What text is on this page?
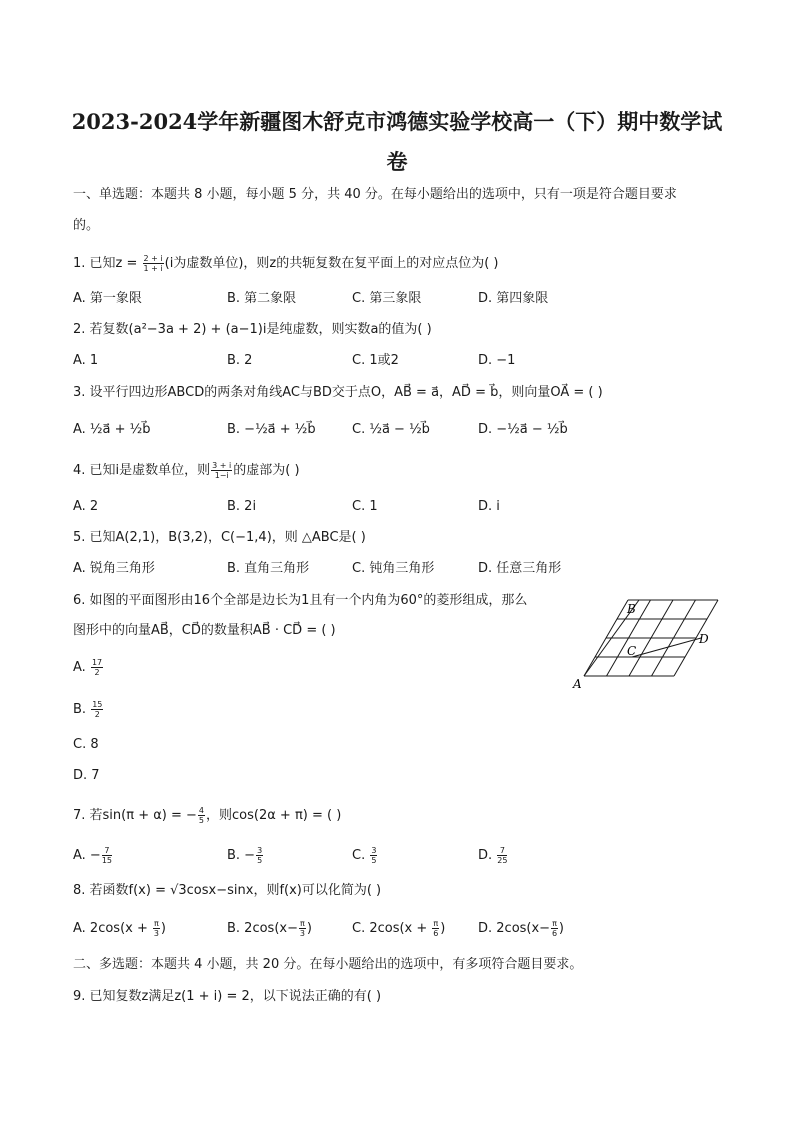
2023-2024学年新疆图木舒克市鸿德实验学校高一（下）期中数学试
卷
一、单选题：本题共 8 小题，每小题 5 分，共 40 分。在每小题给出的选项中，只有一项是符合题目要求
的。
1. 已知$z = \frac{2 + i}{1 + i} (i$为虚数单位)，则z的共轭复数在复平面上的对应点位为( )
A. 第一象限	B. 第二象限	C. 第三象限	D. 第四象限
2. 若复数(a²−3a + 2) + (a−1)i是纯虚数，则实数a的值为( )
A. 1	B. 2	C. 1或2	D. −1
3. 设平行四边形ABCD的两条对角线AC与BD交于点O，AB⃗ = a⃗，AD⃗ = b⃗，则向量OA⃗ = ( )
A. ½a⃗ + ½b⃗	B. −½a⃗ + ½b⃗	C. ½a⃗ − ½b⃗	D. −½a⃗ − ½b⃗
4. 已知i是虚数单位，则 $\frac{3 + i}{1-i}$ 的虚部为( )
A. 2	B. 2i	C. 1	D. i
5. 已知A(2,1)，B(3,2)，C(−1,4)，则 △ABC是( )
A. 锐角三角形	B. 直角三角形	C. 钝角三角形	D. 任意三角形
6. 如图的平面图形由16个全部是边长为1且有一个内角为60°的菱形组成，那么
图形中的向量AB⃗，CD⃗的数量积AB⃗ · CD⃗ = ( )
A. $\frac{17}{2}$
B. $\frac{15}{2}$
C. 8
D. 7
A
B
C
D
7. 若sin(π + α) = − $\frac{4}{5}$ ，则cos(2α + π) = ( )
A. − $\frac{7}{15}$	B. − $\frac{3}{5}$	C. $\frac{3}{5}$	D. $\frac{7}{25}$
8. 若函数f(x) = √3cosx−sinx，则f(x)可以化简为( )
A. $2\cos(x + \frac{\pi}{3}$ )	B. $2\cos(x- \frac{\pi}{3}$ )	C. $2\cos(x + \frac{\pi}{6}$ )	D. $2\cos(x- \frac{\pi}{6}$ )
二、多选题：本题共 4 小题，共 20 分。在每小题给出的选项中，有多项符合题目要求。
9. 已知复数z满足z(1 + i) = 2，以下说法正确的有( )
